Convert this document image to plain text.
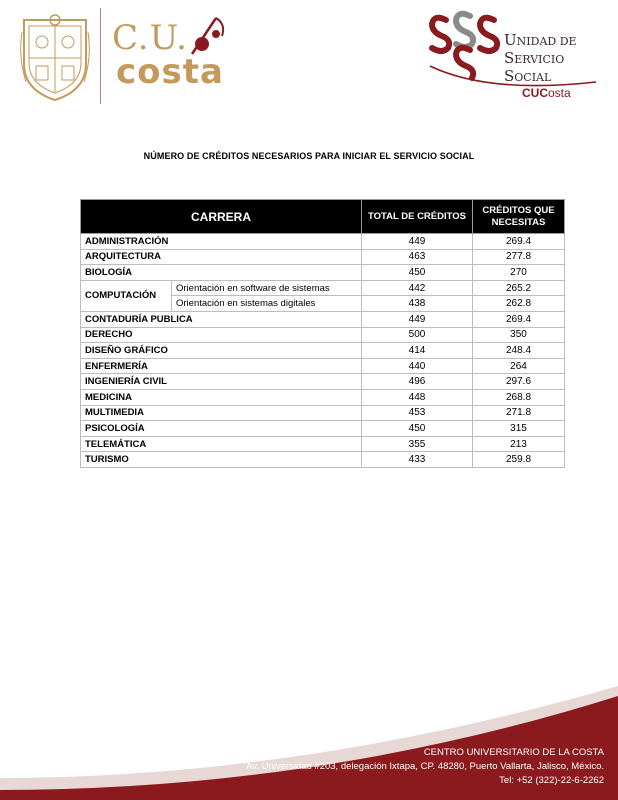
C.U.
costa
UNIDAD DE
SERVICIO SOCIAL
CUCosta
NÚMERO DE CRÉDITOS NECESARIOS PARA INICIAR EL SERVICIO SOCIAL
CARRERA		TOTAL DE CRÉDITOS	CRÉDITOS QUE NECESITAS
ADMINISTRACIÓN		449	269.4
ARQUITECTURA		463	277.8
BIOLOGÍA		450	270
COMPUTACIÓN	Orientación en software de sistemas	442	265.2
	Orientación en sistemas digitales	438	262.8
CONTADURÍA PUBLICA		449	269.4
DERECHO		500	350
DISEÑO GRÁFICO		414	248.4
ENFERMERÍA		440	264
INGENIERÍA CIVIL		496	297.6
MEDICINA		448	268.8
MULTIMEDIA		453	271.8
PSICOLOGÍA		450	315
TELEMÁTICA		355	213
TURISMO		433	259.8
CENTRO UNIVERSITARIO DE LA COSTA
Av. Universidad #203, delegación Ixtapa, CP. 48280, Puerto Vallarta, Jalisco, México.
Tel: +52 (322)-22-6-2262
